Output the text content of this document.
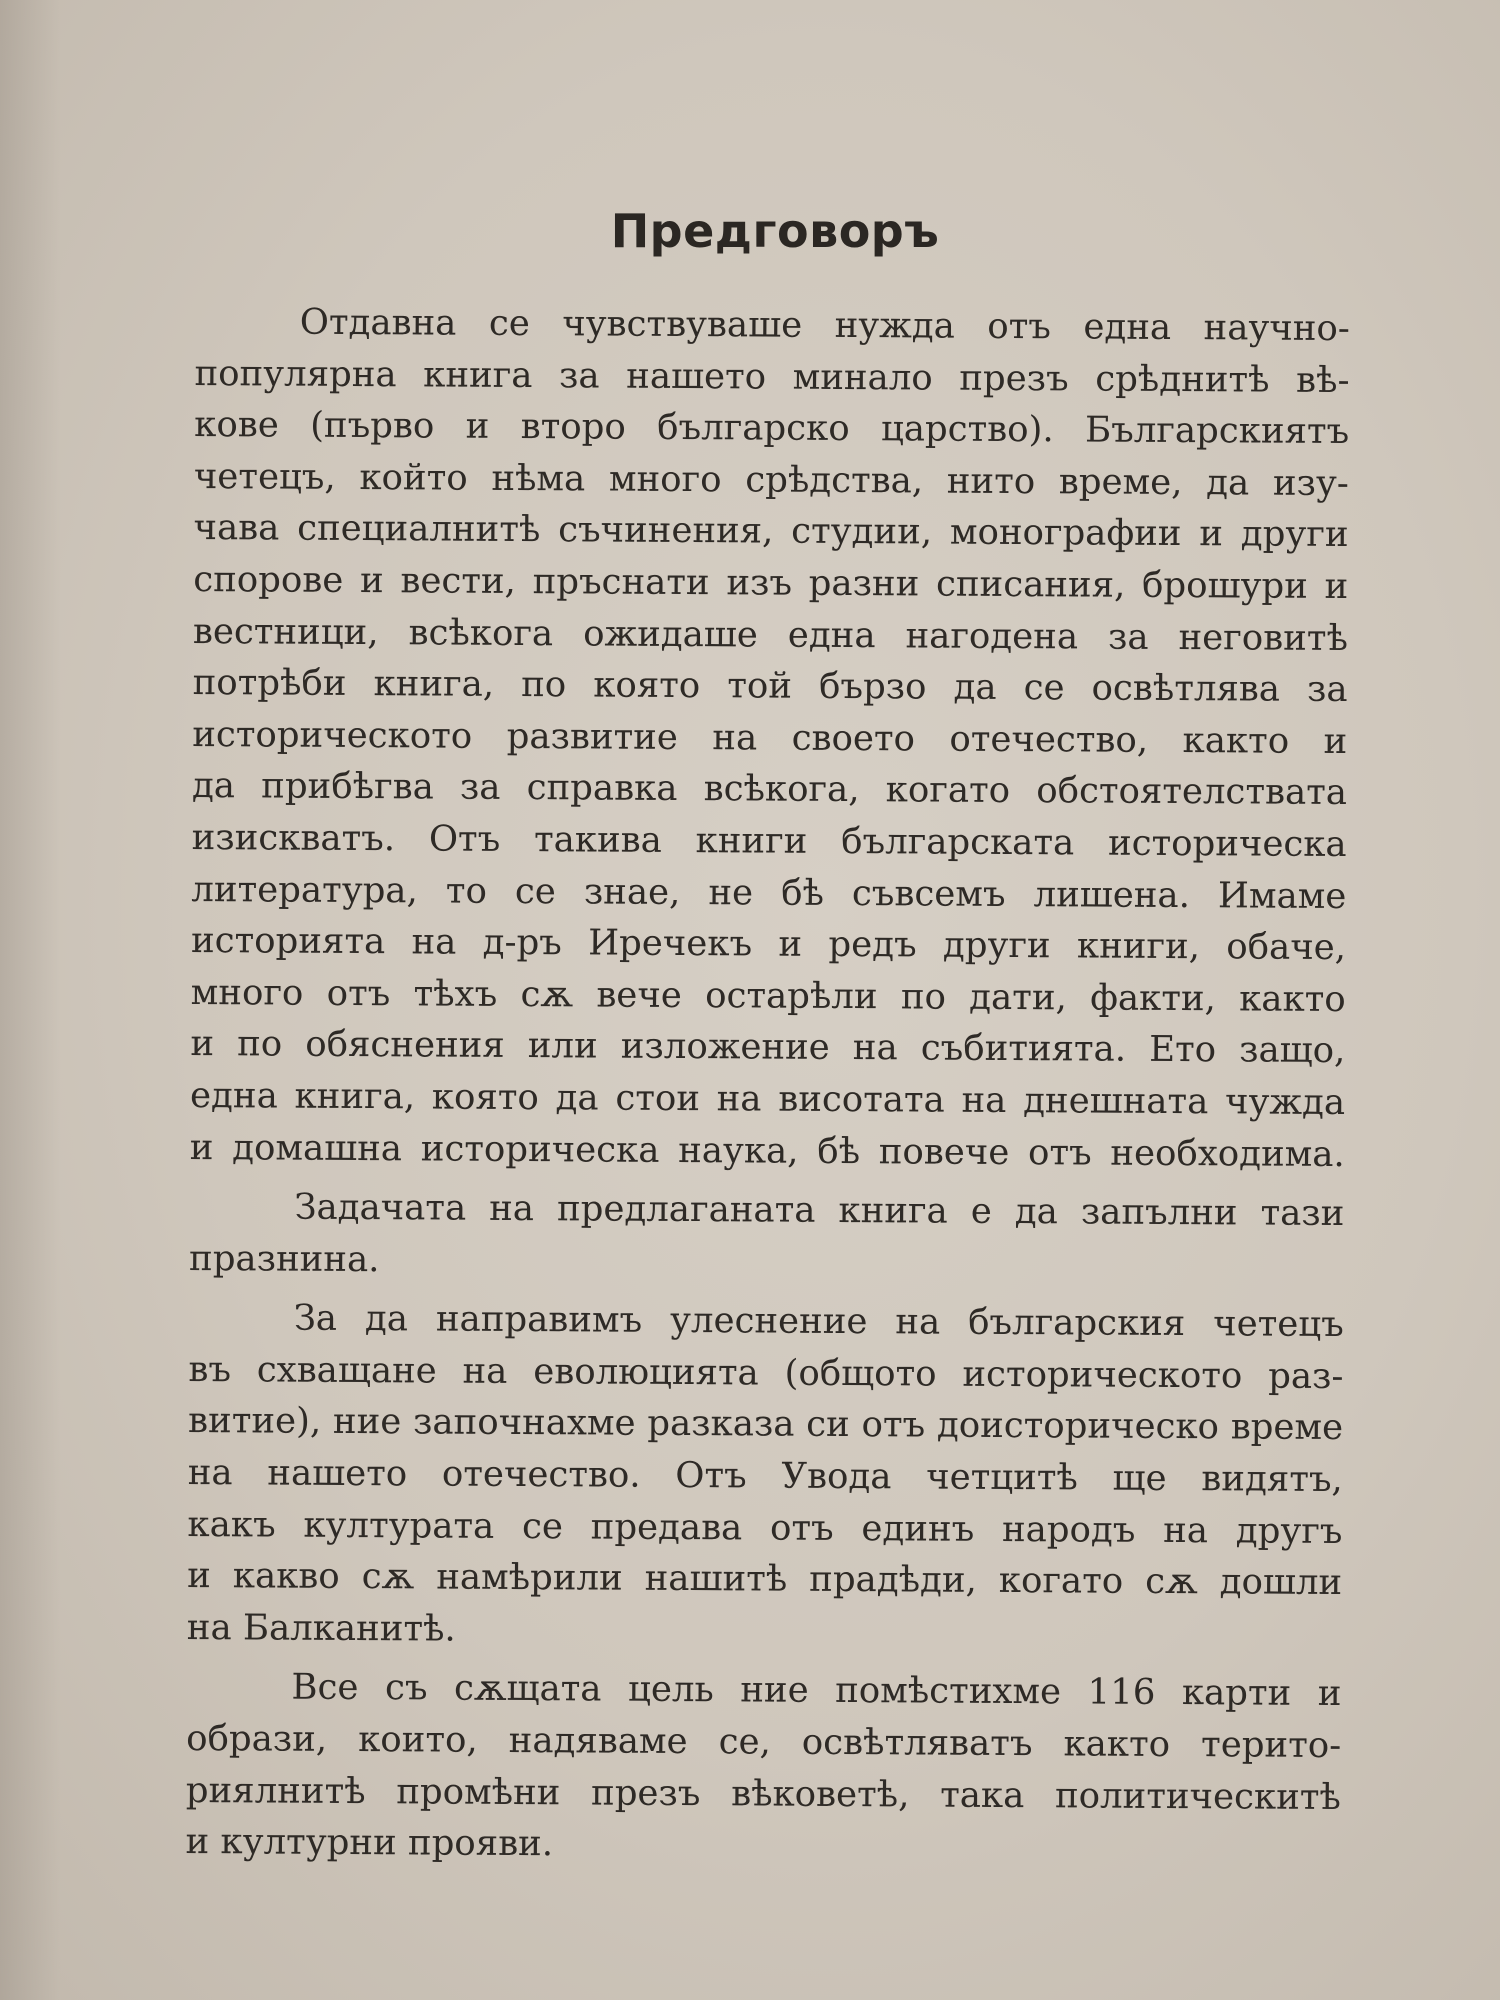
Предговоръ
Отдавна се чувствуваше нужда отъ една научно-
популярна книга за нашето минало презъ срѣднитѣ вѣ-
кове (първо и второ българско царство). Българскиятъ
четецъ, който нѣма много срѣдства, нито време, да изу-
чава специалнитѣ съчинения, студии, монографии и други
спорове и вести, пръснати изъ разни списания, брошури и
вестници, всѣкога ожидаше една нагодена за неговитѣ
потрѣби книга, по която той бързо да се освѣтлява за
историческото развитие на своето отечество, както и
да прибѣгва за справка всѣкога, когато обстоятелствата
изискватъ. Отъ такива книги българската историческа
литература, то се знае, не бѣ съвсемъ лишена. Имаме
историята на д-ръ Иречекъ и редъ други книги, обаче,
много отъ тѣхъ сѫ вече остарѣли по дати, факти, както
и по обяснения или изложение на събитията. Ето защо,
една книга, която да стои на висотата на днешната чужда
и домашна историческа наука, бѣ повече отъ необходима.
Задачата на предлаганата книга е да запълни тази
празнина.
За да направимъ улеснение на българския четецъ
въ схващане на еволюцията (общото историческото раз-
витие), ние започнахме разказа си отъ доисторическо време
на нашето отечество. Отъ Увода четцитѣ ще видятъ,
какъ културата се предава отъ единъ народъ на другъ
и какво сѫ намѣрили нашитѣ прадѣди, когато сѫ дошли
на Балканитѣ.
Все съ сѫщата цель ние помѣстихме 116 карти и
образи, които, надяваме се, освѣтляватъ както терито-
риялнитѣ промѣни презъ вѣковетѣ, така политическитѣ
и културни прояви.
